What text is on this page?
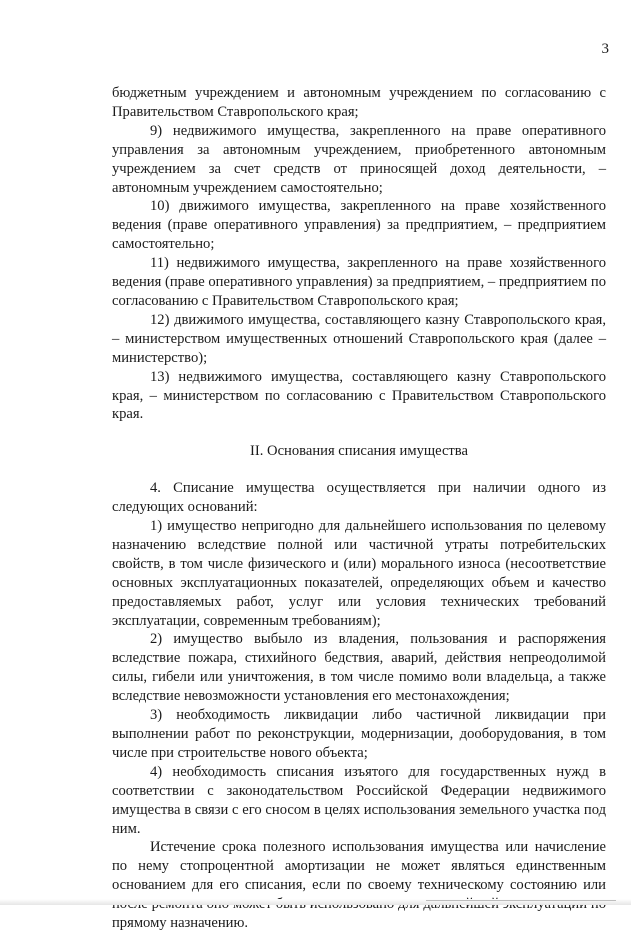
3

бюджетным учреждением и автономным учреждением по согласованию с Правительством Ставропольского края;

9) недвижимого имущества, закрепленного на праве оперативного управления за автономным учреждением, приобретенного автономным учреждением за счет средств от приносящей доход деятельности, – автономным учреждением самостоятельно;

10) движимого имущества, закрепленного на праве хозяйственного ведения (праве оперативного управления) за предприятием, – предприятием самостоятельно;

11) недвижимого имущества, закрепленного на праве хозяйственного ведения (праве оперативного управления) за предприятием, – предприятием по согласованию с Правительством Ставропольского края;

12) движимого имущества, составляющего казну Ставропольского края, – министерством имущественных отношений Ставропольского края (далее – министерство);

13) недвижимого имущества, составляющего казну Ставропольского края, – министерством по согласованию с Правительством Ставропольского края.

II. Основания списания имущества

4. Списание имущества осуществляется при наличии одного из следующих оснований:

1) имущество непригодно для дальнейшего использования по целевому назначению вследствие полной или частичной утраты потребительских свойств, в том числе физического и (или) морального износа (несоответствие основных эксплуатационных показателей, определяющих объем и качество предоставляемых работ, услуг или условия технических требований эксплуатации, современным требованиям);

2) имущество выбыло из владения, пользования и распоряжения вследствие пожара, стихийного бедствия, аварий, действия непреодолимой силы, гибели или уничтожения, в том числе помимо воли владельца, а также вследствие невозможности установления его местонахождения;

3) необходимость ликвидации либо частичной ликвидации при выполнении работ по реконструкции, модернизации, дооборудования, в том числе при строительстве нового объекта;

4) необходимость списания изъятого для государственных нужд в соответствии с законодательством Российской Федерации недвижимого имущества в связи с его сносом в целях использования земельного участка под ним.

Истечение срока полезного использования имущества или начисление по нему стопроцентной амортизации не может являться единственным основанием для его списания, если по своему техническому состоянию или прямому назначению.
